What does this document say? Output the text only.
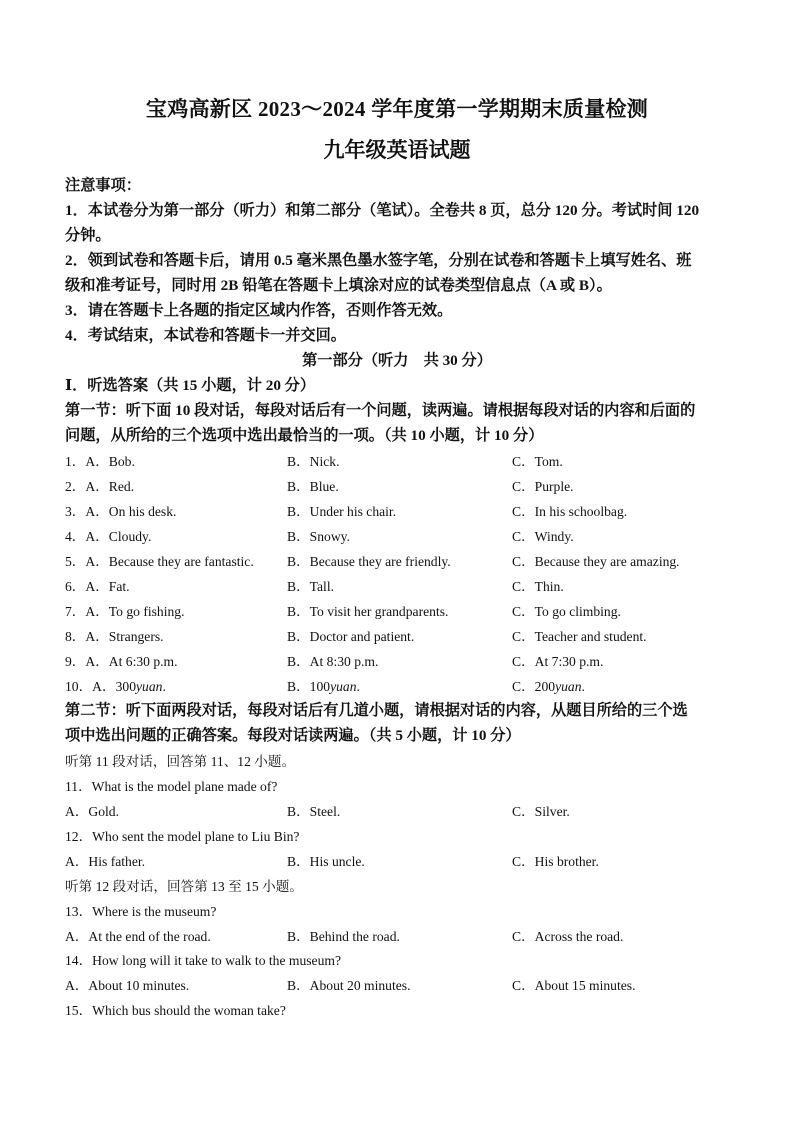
宝鸡高新区 2023～2024 学年度第一学期期末质量检测
九年级英语试题
注意事项：
1．本试卷分为第一部分（听力）和第二部分（笔试）。全卷共 8 页，总分 120 分。考试时间 120
分钟。
2．领到试卷和答题卡后，请用 0.5 毫米黑色墨水签字笔，分别在试卷和答题卡上填写姓名、班
级和准考证号，同时用 2B 铅笔在答题卡上填涂对应的试卷类型信息点（A 或 B）。
3．请在答题卡上各题的指定区域内作答，否则作答无效。
4．考试结束，本试卷和答题卡一并交回。
第一部分（听力　共 30 分）
Ⅰ．听选答案（共 15 小题，计 20 分）
第一节：听下面 10 段对话，每段对话后有一个问题，读两遍。请根据每段对话的内容和后面的
问题，从所给的三个选项中选出最恰当的一项。（共 10 小题，计 10 分）
1．A．Bob.	B．Nick.	C．Tom.
2．A．Red.	B．Blue.	C．Purple.
3．A．On his desk.	B．Under his chair.	C．In his schoolbag.
4．A．Cloudy.	B．Snowy.	C．Windy.
5．A．Because they are fantastic. B．Because they are friendly.	C．Because they are amazing.
6．A．Fat.	B．Tall.	C．Thin.
7．A．To go fishing.	B．To visit her grandparents.	C．To go climbing.
8．A．Strangers.	B．Doctor and patient.	C．Teacher and student.
9．A．At 6:30 p.m.	B．At 8:30 p.m.	C．At 7:30 p.m.
10．A．300yuan.	B．100yuan.	C．200yuan.
第二节：听下面两段对话，每段对话后有几道小题，请根据对话的内容，从题目所给的三个选
项中选出问题的正确答案。每段对话读两遍。（共 5 小题，计 10 分）
听第 11 段对话，回答第 11、12 小题。
11．What is the model plane made of?
A．Gold.	B．Steel.	C．Silver.
12．Who sent the model plane to Liu Bin?
A．His father.	B．His uncle.	C．His brother.
听第 12 段对话，回答第 13 至 15 小题。
13．Where is the museum?
A．At the end of the road.	B．Behind the road.	C．Across the road.
14．How long will it take to walk to the museum?
A．About 10 minutes.	B．About 20 minutes.	C．About 15 minutes.
15．Which bus should the woman take?
